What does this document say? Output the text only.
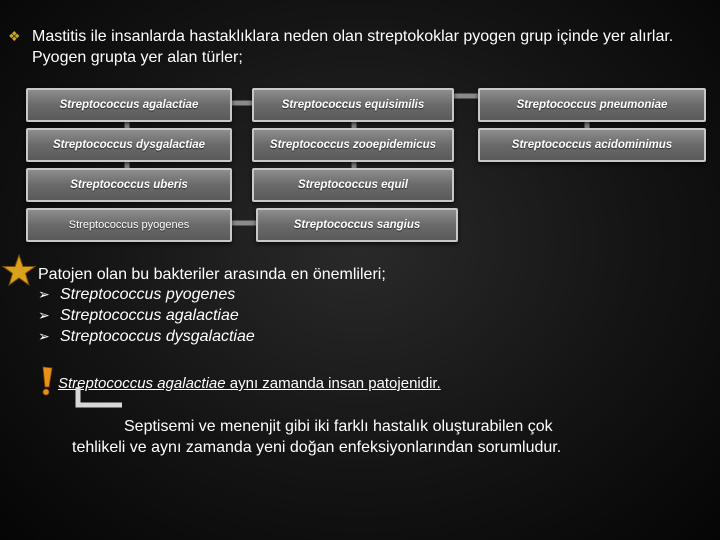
❖ Mastitis ile insanlarda hastaklıklara neden olan streptokoklar pyogen grup içinde yer alırlar. Pyogen grupta yer alan türler;
Streptococcus agalactiae	Streptococcus equisimilis	Streptococcus pneumoniae
Streptococcus dysgalactiae	Streptococcus zooepidemicus	Streptococcus acidominimus
Streptococcus uberis	Streptococcus equil
Streptococcus pyogenes	Streptococcus sangius
Patojen olan bu bakteriler arasında en önemlileri;
➢ Streptococcus pyogenes
➢ Streptococcus agalactiae
➢ Streptococcus dysgalactiae
Streptococcus agalactiae aynı zamanda insan patojenidir.
Septisemi ve menenjit gibi iki farklı hastalık oluşturabilen çok
tehlikeli ve aynı zamanda yeni doğan enfeksiyonlarından sorumludur.
